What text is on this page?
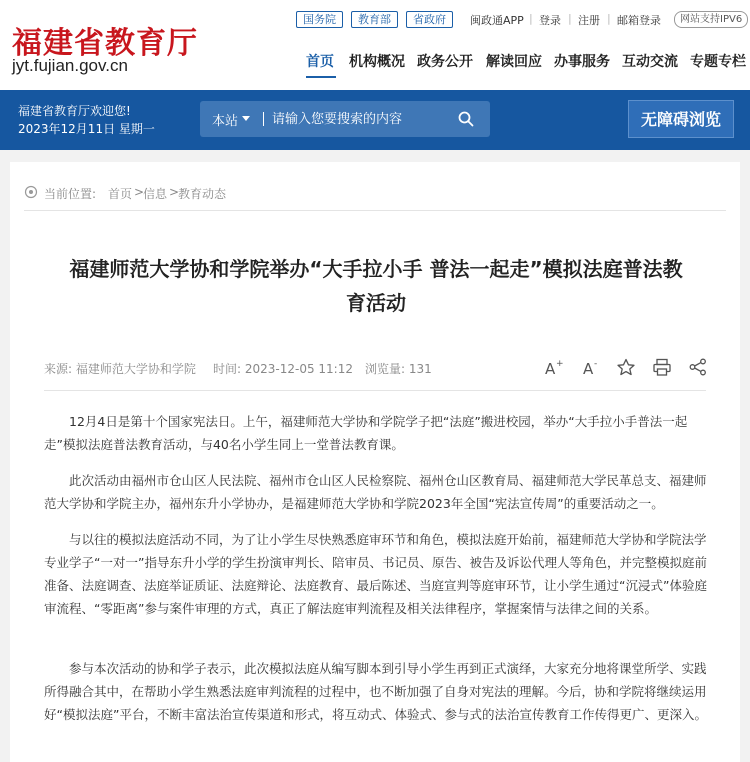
福建省教育厅
jyt.fujian.gov.cn
国务院	教育部	省政府	闽政通APP | 登录 | 注册 | 邮箱登录	网站支持IPV6
首页 机构概况 政务公开 解读回应 办事服务 互动交流 专题专栏
福建省教育厅欢迎您!
2023年12月11日 星期一	本站
请输入您要搜索的内容	无障碍浏览
当前位置: 首页 >
信息 >
教育动态
福建师范大学协和学院举办“大手拉小手 普法一起走”模拟法庭普法教
育活动
来源: 福建师范大学协和学院 时间: 2023-12-05 11:12 浏览量: 131	A + A -

12月4日是第十个国家宪法日。上午，福建师范大学协和学院学子把“法庭”搬进校园，举办“大手拉小手普法一起走”模拟法庭普法教育活动，与40名小学生同上一堂普法教育课。

此次活动由福州市仓山区人民法院、福州市仓山区人民检察院、福州仓山区教育局、福建师范大学民革总支、福建师范大学协和学院主办，福州东升小学协办，是福建师范大学协和学院2023年全国“宪法宣传周”的重要活动之一。

与以往的模拟法庭活动不同，为了让小学生尽快熟悉庭审环节和角色，模拟法庭开始前，福建师范大学协和学院法学专业学子“一对一”指导东升小学的学生扮演审判长、陪审员、书记员、原告、被告及诉讼代理人等角色，并完整模拟庭前准备、法庭调查、法庭举证质证、法庭辩论、法庭教育、最后陈述、当庭宣判等庭审环节，让小学生通过“沉浸式”体验庭审流程、“零距离”参与案件审理的方式，真正了解法庭审判流程及相关法律程序，掌握案情与法律之间的关系。

参与本次活动的协和学子表示，此次模拟法庭从编写脚本到引导小学生再到正式演绎，大家充分地将课堂所学、实践所得融合其中，在帮助小学生熟悉法庭审判流程的过程中，也不断加强了自身对宪法的理解。今后，协和学院将继续运用好“模拟法庭”平台，不断丰富法治宣传渠道和形式，将互动式、体验式、参与式的法治宣传教育工作传得更广、更深入。
